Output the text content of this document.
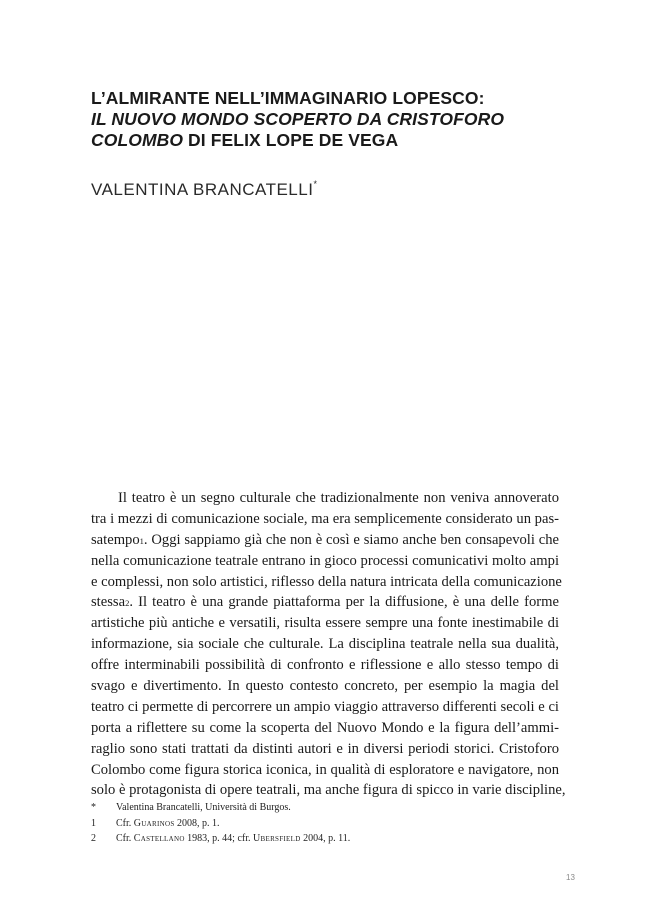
L’ALMIRANTE NELL’IMMAGINARIO LOPESCO:
IL NUOVO MONDO SCOPERTO DA CRISTOFORO
COLOMBO DI FELIX LOPE DE VEGA
VALENTINA BRANCATELLI*
Il teatro è un segno culturale che tradizionalmente non veniva annoverato
tra i mezzi di comunicazione sociale, ma era semplicemente considerato un pas-
satempo$^1$. Oggi sappiamo già che non è così e siamo anche ben consapevoli che
nella comunicazione teatrale entrano in gioco processi comunicativi molto ampi
e complessi, non solo artistici, riflesso della natura intricata della comunicazione
stessa$^2$. Il teatro è una grande piattaforma per la diffusione, è una delle forme
artistiche più antiche e versatili, risulta essere sempre una fonte inestimabile di
informazione, sia sociale che culturale. La disciplina teatrale nella sua dualità,
offre interminabili possibilità di confronto e riflessione e allo stesso tempo di
svago e divertimento. In questo contesto concreto, per esempio la magia del
teatro ci permette di percorrere un ampio viaggio attraverso differenti secoli e ci
porta a riflettere su come la scoperta del Nuovo Mondo e la figura dell’ammi-
raglio sono stati trattati da distinti autori e in diversi periodi storici. Cristoforo
Colombo come figura storica iconica, in qualità di esploratore e navigatore, non
solo è protagonista di opere teatrali, ma anche figura di spicco in varie discipline,
*	Valentina Brancatelli, Università di Burgos.
1	Cfr. Guarinos 2008, p. 1.
2	Cfr. Castellano 1983, p. 44; cfr. Ubersfield 2004, p. 11.
13
